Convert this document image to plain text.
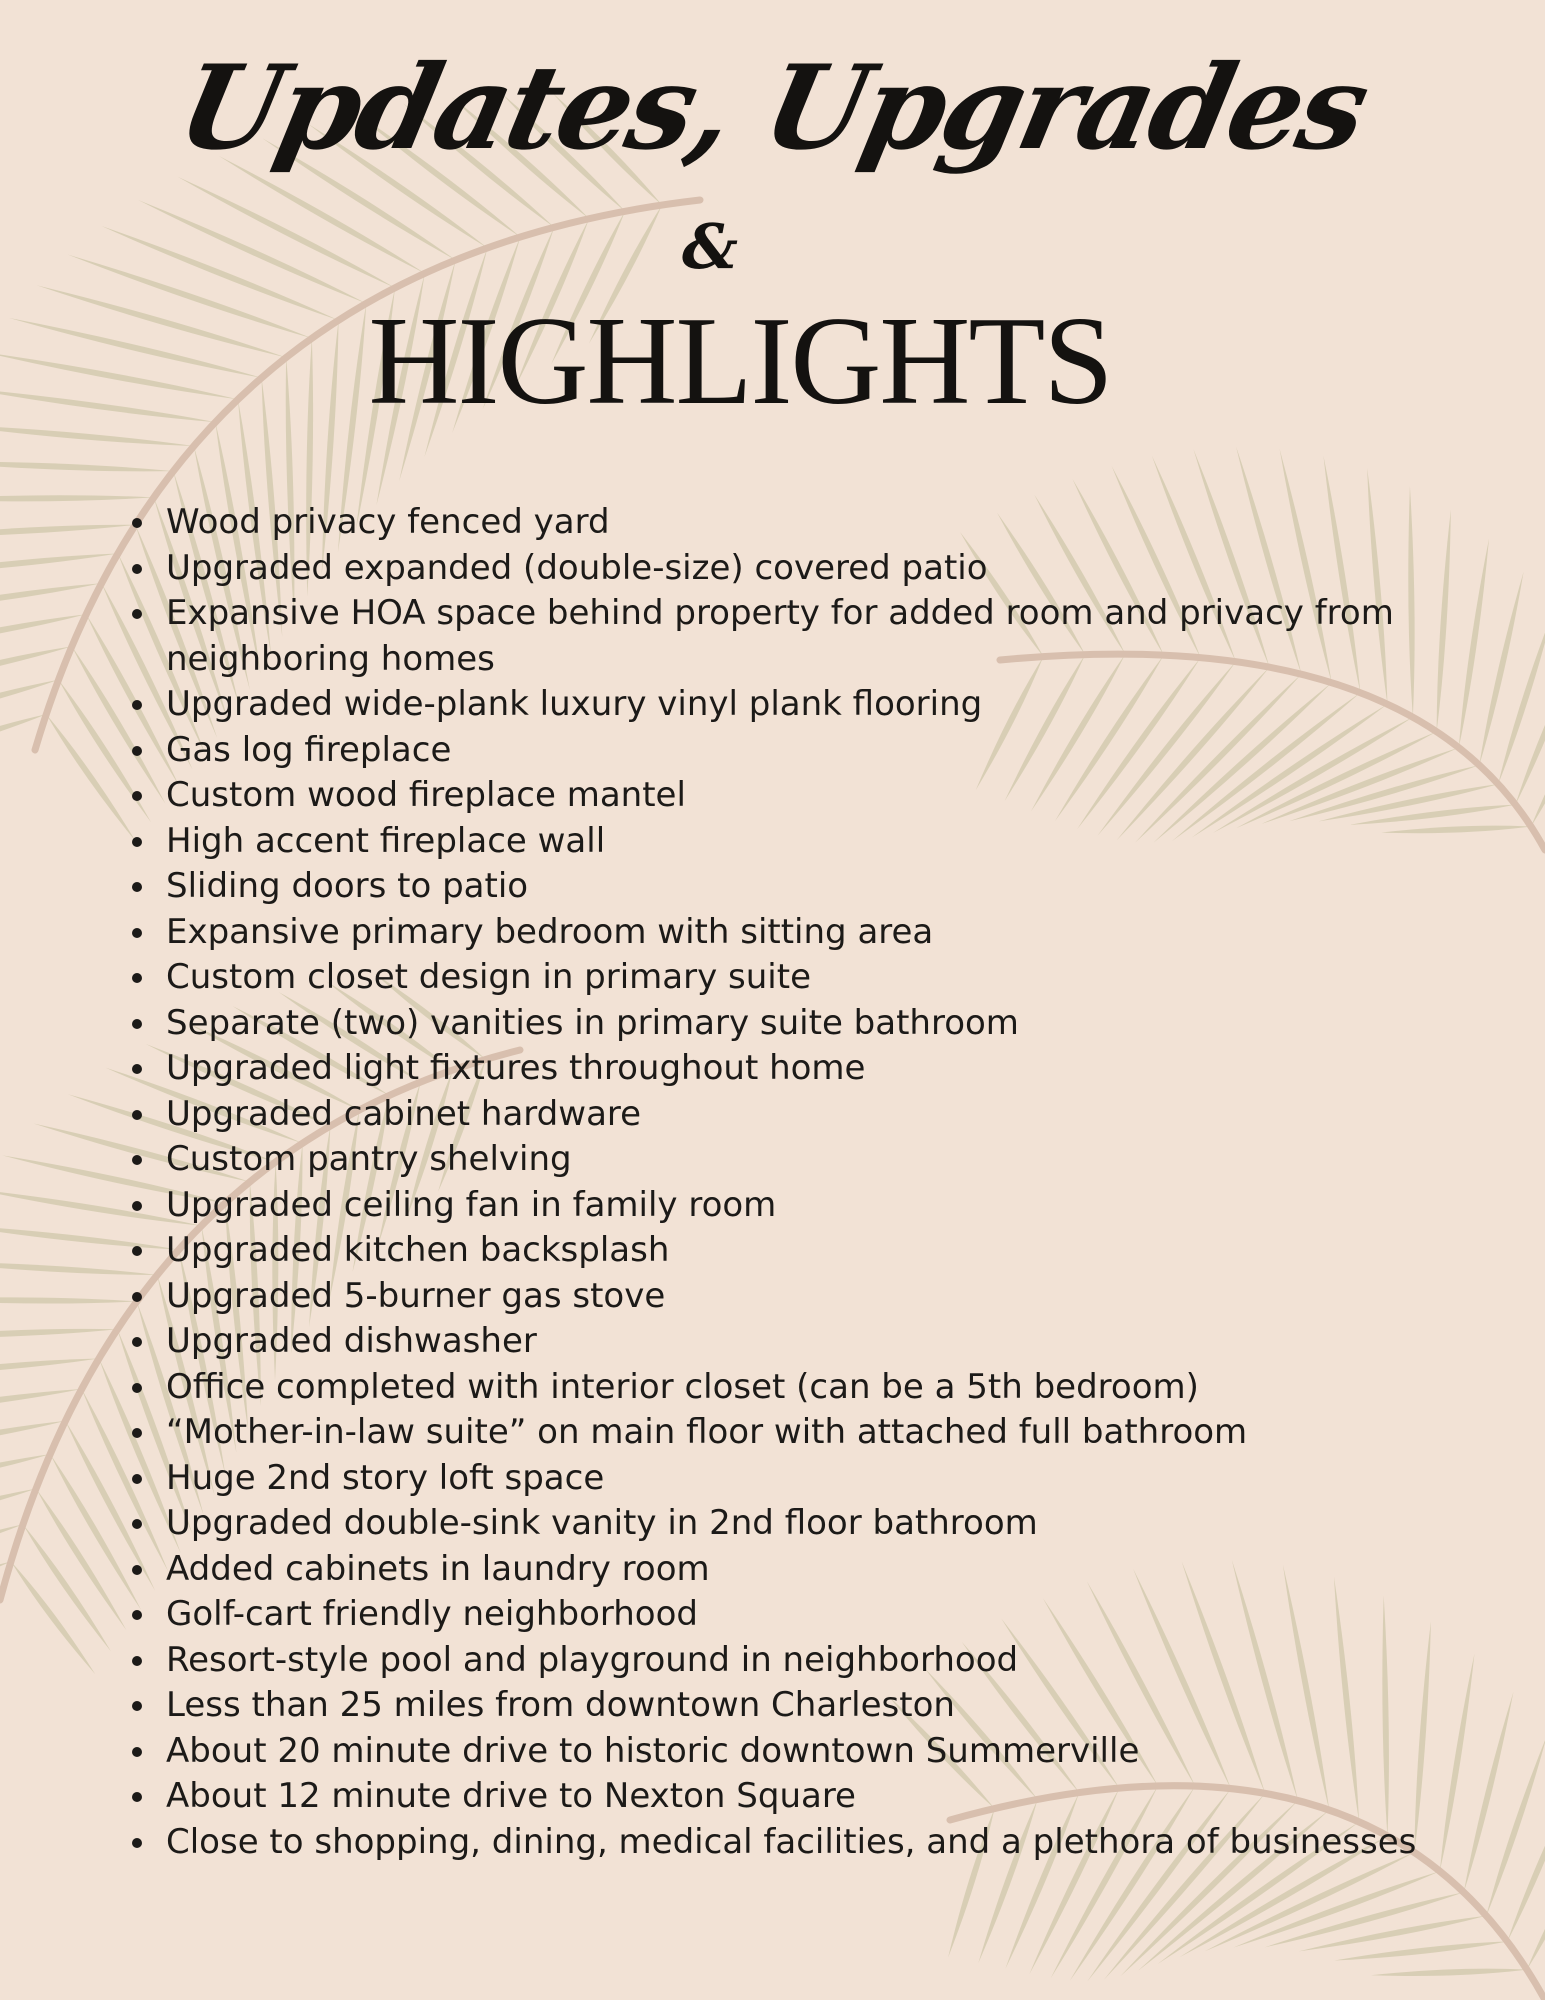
Updates, Upgrades
&
HIGHLIGHTS
Wood privacy fenced yard
Upgraded expanded (double-size) covered patio
Expansive HOA space behind property for added room and privacy from neighboring homes
Upgraded wide-plank luxury vinyl plank flooring
Gas log fireplace
Custom wood fireplace mantel
High accent fireplace wall
Sliding doors to patio
Expansive primary bedroom with sitting area
Custom closet design in primary suite
Separate (two) vanities in primary suite bathroom
Upgraded light fixtures throughout home
Upgraded cabinet hardware
Custom pantry shelving
Upgraded ceiling fan in family room
Upgraded kitchen backsplash
Upgraded 5-burner gas stove
Upgraded dishwasher
Office completed with interior closet (can be a 5th bedroom)
“Mother-in-law suite” on main floor with attached full bathroom
Huge 2nd story loft space
Upgraded double-sink vanity in 2nd floor bathroom
Added cabinets in laundry room
Golf-cart friendly neighborhood
Resort-style pool and playground in neighborhood
Less than 25 miles from downtown Charleston
About 20 minute drive to historic downtown Summerville
About 12 minute drive to Nexton Square
Close to shopping, dining, medical facilities, and a plethora of businesses
